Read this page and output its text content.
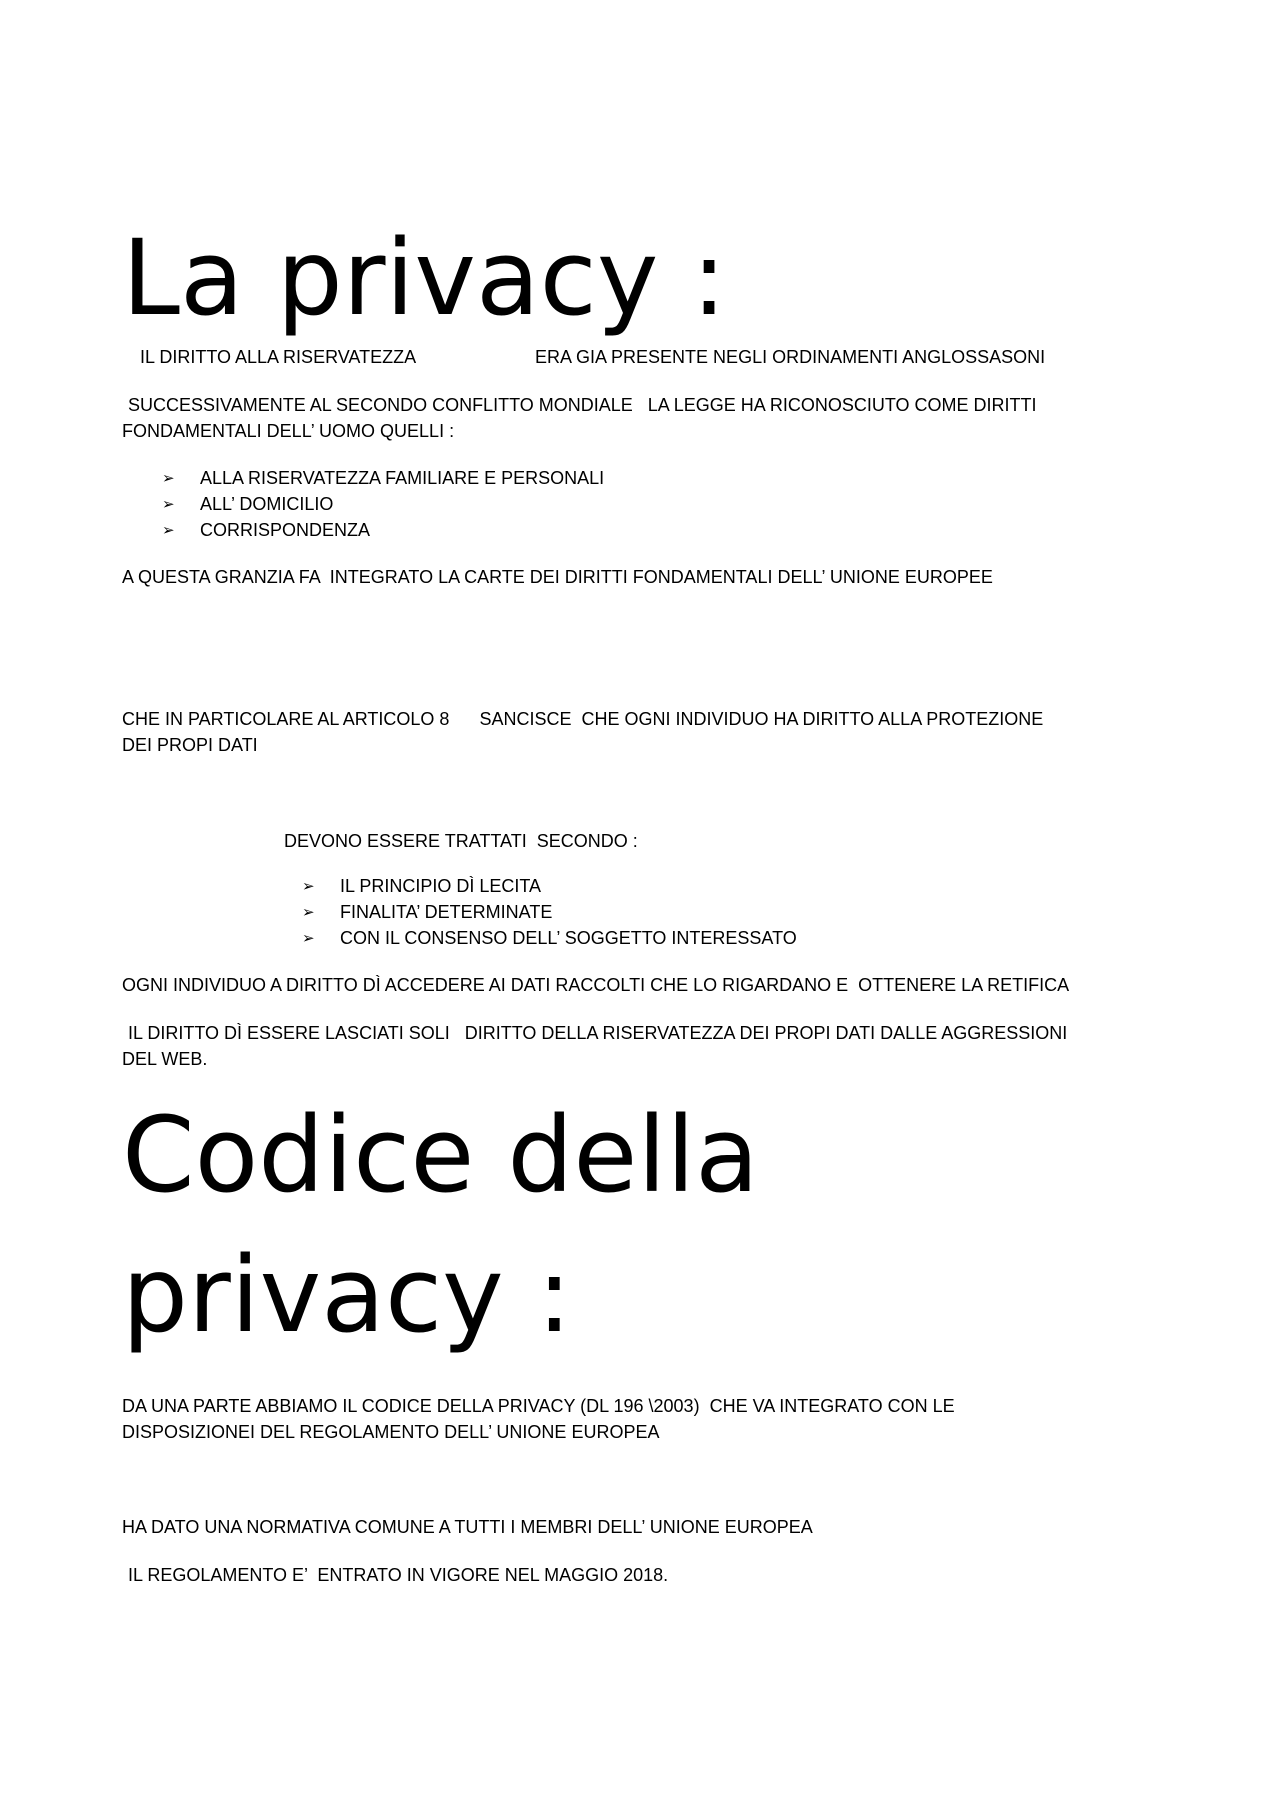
La privacy :

IL DIRITTO ALLA RISERVATEZZA	ERA GIA PRESENTE NEGLI ORDINAMENTI ANGLOSSASONI

SUCCESSIVAMENTE AL SECONDO CONFLITTO MONDIALE   LA LEGGE HA RICONOSCIUTO COME DIRITTI
FONDAMENTALI DELL’ UOMO QUELLI :

➢ ALLA RISERVATEZZA FAMILIARE E PERSONALI
➢ ALL’ DOMICILIO
➢ CORRISPONDENZA

A QUESTA GRANZIA FA  INTEGRATO LA CARTE DEI DIRITTI FONDAMENTALI DELL’ UNIONE EUROPEE

CHE IN PARTICOLARE AL ARTICOLO 8      SANCISCE  CHE OGNI INDIVIDUO HA DIRITTO ALLA PROTEZIONE
DEI PROPI DATI

DEVONO ESSERE TRATTATI  SECONDO :

➢ IL PRINCIPIO DÌ LECITA
➢ FINALITA’ DETERMINATE
➢ CON IL CONSENSO DELL’ SOGGETTO INTERESSATO

OGNI INDIVIDUO A DIRITTO DÌ ACCEDERE AI DATI RACCOLTI CHE LO RIGARDANO E  OTTENERE LA RETIFICA

IL DIRITTO DÌ ESSERE LASCIATI SOLI   DIRITTO DELLA RISERVATEZZA DEI PROPI DATI DALLE AGGRESSIONI
DEL WEB.

Codice della
privacy :

DA UNA PARTE ABBIAMO IL CODICE DELLA PRIVACY (DL 196 \2003)  CHE VA INTEGRATO CON LE
DISPOSIZIONEI DEL REGOLAMENTO DELL’ UNIONE EUROPEA

HA DATO UNA NORMATIVA COMUNE A TUTTI I MEMBRI DELL’ UNIONE EUROPEA

IL REGOLAMENTO E’  ENTRATO IN VIGORE NEL MAGGIO 2018.
